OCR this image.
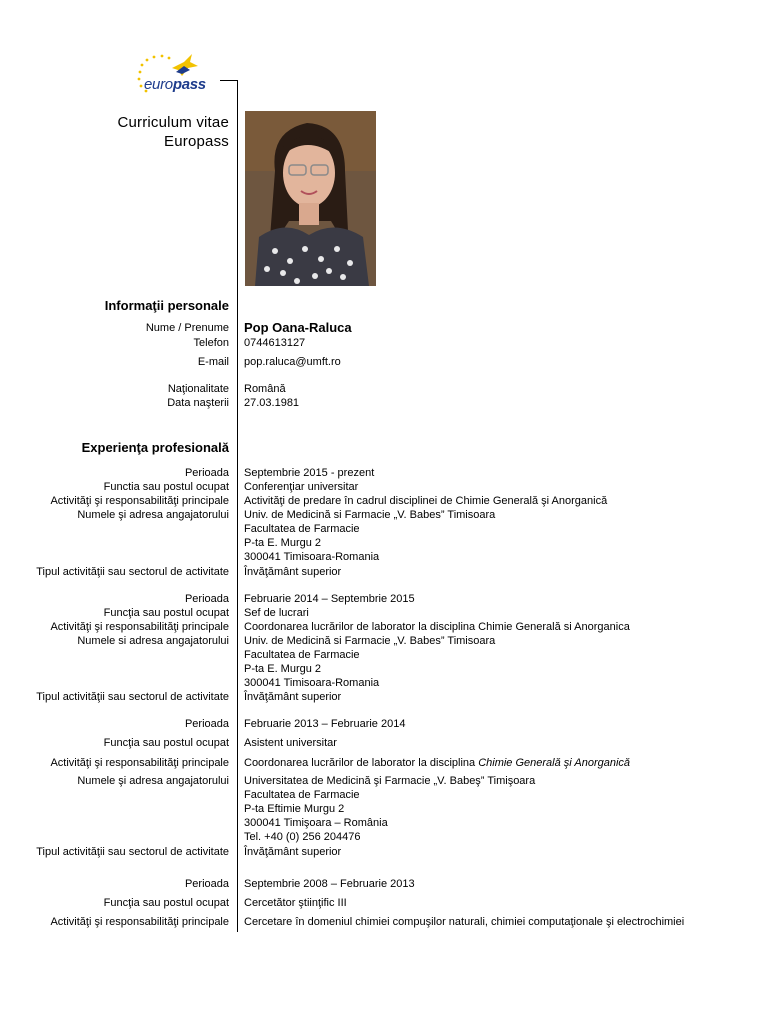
europass
Curriculum vitae
Europass
Informaţii personale
Nume / Prenume Pop Oana-Raluca
Telefon 0744613127
E-mail pop.raluca@umft.ro
Naţionalitate Română
Data naşterii 27.03.1981
Experienţa profesională
Perioada Septembrie 2015 - prezent
Functia sau postul ocupat Conferenţiar universitar
Activităţi şi responsabilităţi principale Activităţi de predare în cadrul disciplinei de Chimie Generală şi Anorganică
Numele şi adresa angajatorului Univ. de Medicină si Farmacie „V. Babes” Timisoara
Facultatea de Farmacie
P-ta E. Murgu 2
300041 Timisoara-Romania
Tipul activităţii sau sectorul de activitate Învăţământ superior
Perioada Februarie 2014 – Septembrie 2015
Funcţia sau postul ocupat Sef de lucrari
Activităţi şi responsabilităţi principale Coordonarea lucrărilor de laborator la disciplina Chimie Generală si Anorganica
Numele si adresa angajatorului Univ. de Medicină si Farmacie „V. Babes” Timisoara
Facultatea de Farmacie
P-ta E. Murgu 2
300041 Timisoara-Romania
Tipul activităţii sau sectorul de activitate Învăţământ superior
Perioada Februarie 2013 – Februarie 2014
Funcţia sau postul ocupat Asistent universitar
Activităţi şi responsabilităţi principale Coordonarea lucrărilor de laborator la disciplina Chimie Generală şi Anorganică
Numele şi adresa angajatorului Universitatea de Medicină şi Farmacie „V. Babeş” Timişoara
Facultatea de Farmacie
P-ta Eftimie Murgu 2
300041 Timişoara – România
Tel. +40 (0) 256 204476
Tipul activităţii sau sectorul de activitate Învăţământ superior
Perioada Septembrie 2008 – Februarie 2013
Funcţia sau postul ocupat Cercetător ştiinţific III
Activităţi şi responsabilităţi principale Cercetare în domeniul chimiei compuşilor naturali, chimiei computaţionale şi electrochimiei
